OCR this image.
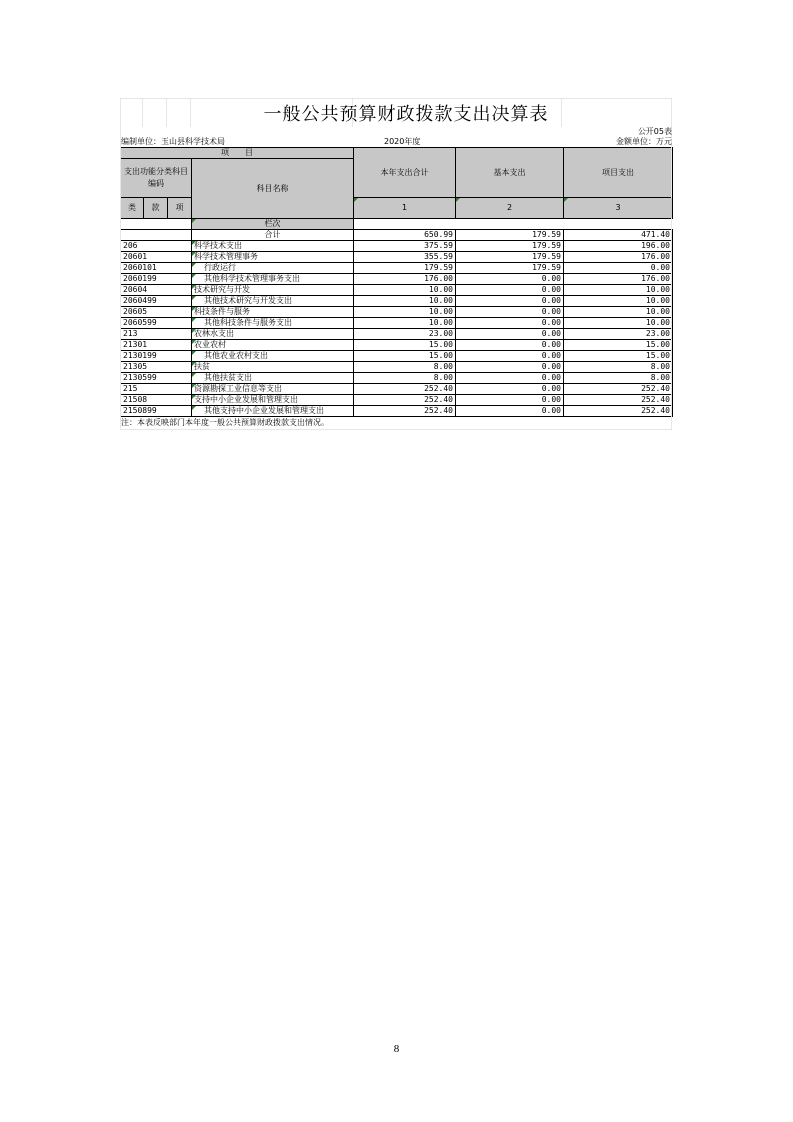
一般公共预算财政拨款支出决算表
公开05表
编制单位：玉山县科学技术局	2020年度	金额单位：万元
项　　目				本年支出合计	基本支出	项目支出
支出功能分类科目编码			科目名称			
类	款	项				
				1	2	3
			栏次			
			合计	650.99	179.59	471.40
206			科学技术支出	375.59	179.59	196.00
20601			科学技术管理事务	355.59	179.59	176.00
2060101			行政运行	179.59	179.59	0.00
2060199			其他科学技术管理事务支出	176.00	0.00	176.00
20604			技术研究与开发	10.00	0.00	10.00
2060499			其他技术研究与开发支出	10.00	0.00	10.00
20605			科技条件与服务	10.00	0.00	10.00
2060599			其他科技条件与服务支出	10.00	0.00	10.00
213			农林水支出	23.00	0.00	23.00
21301			农业农村	15.00	0.00	15.00
2130199			其他农业农村支出	15.00	0.00	15.00
21305			扶贫	8.00	0.00	8.00
2130599			其他扶贫支出	8.00	0.00	8.00
215			资源勘探工业信息等支出	252.40	0.00	252.40
21508			支持中小企业发展和管理支出	252.40	0.00	252.40
2150899			其他支持中小企业发展和管理支出	252.40	0.00	252.40
注：本表反映部门本年度一般公共预算财政拨款支出情况。
8
